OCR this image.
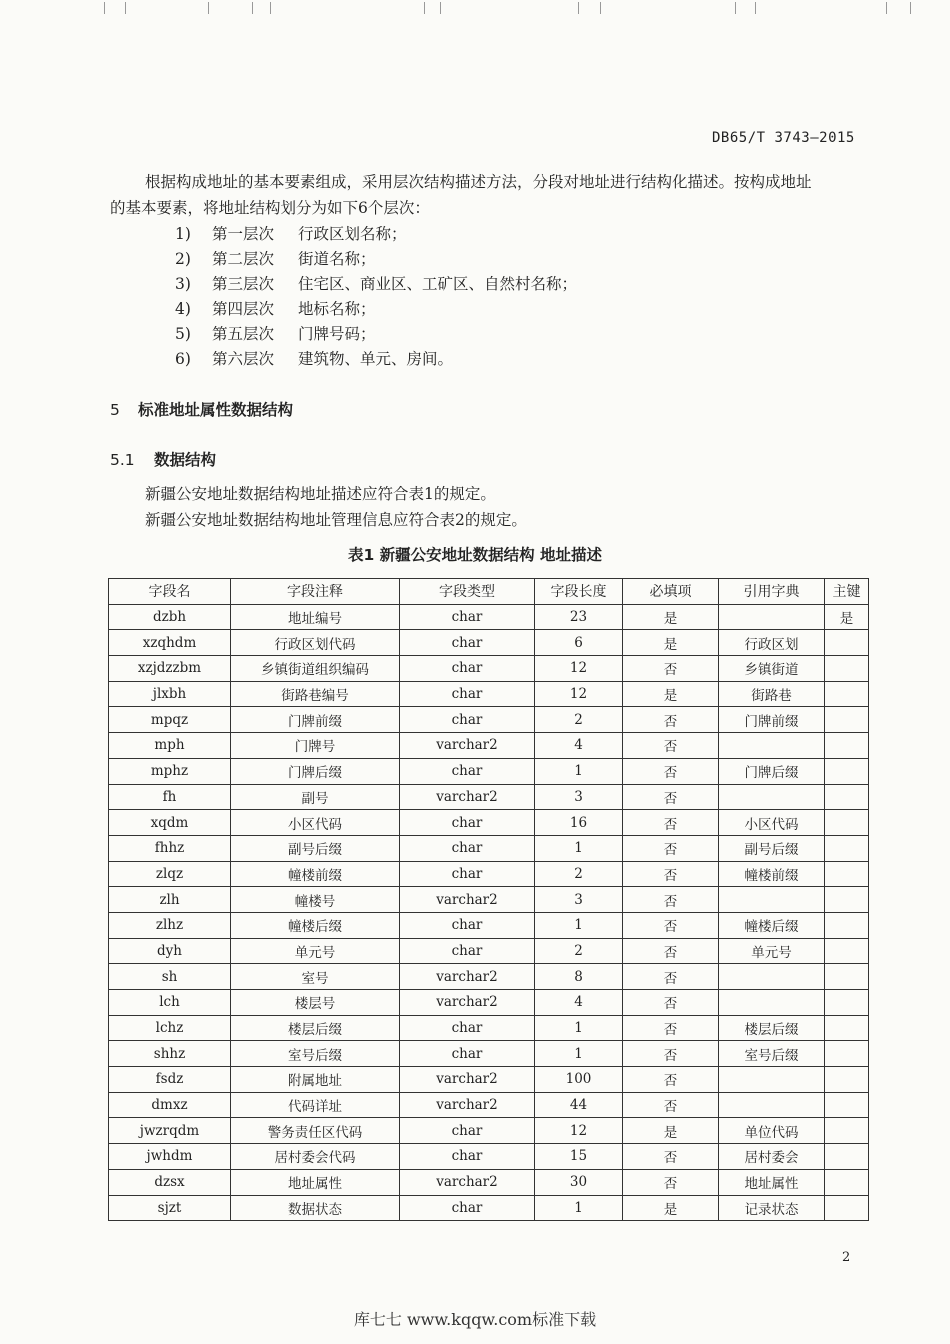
DB65/T 3743—2015
根据构成地址的基本要素组成，采用层次结构描述方法，分段对地址进行结构化描述。按构成地址
的基本要素，将地址结构划分为如下6个层次：
1)	第一层次	行政区划名称；
2)	第二层次	街道名称；
3)	第三层次	住宅区、商业区、工矿区、自然村名称；
4)	第四层次	地标名称；
5)	第五层次	门牌号码；
6)	第六层次	建筑物、单元、房间。
5 标准地址属性数据结构
5.1 数据结构
新疆公安地址数据结构地址描述应符合表1的规定。
新疆公安地址数据结构地址管理信息应符合表2的规定。
表1 新疆公安地址数据结构 地址描述
字段名	字段注释	字段类型	字段长度	必填项	引用字典	主键
dzbh	地址编号	char	23	是		是
xzqhdm	行政区划代码	char	6	是	行政区划	
xzjdzzbm	乡镇街道组织编码	char	12	否	乡镇街道	
jlxbh	街路巷编号	char	12	是	街路巷	
mpqz	门牌前缀	char	2	否	门牌前缀	
mph	门牌号	varchar2	4	否		
mphz	门牌后缀	char	1	否	门牌后缀	
fh	副号	varchar2	3	否		
xqdm	小区代码	char	16	否	小区代码	
fhhz	副号后缀	char	1	否	副号后缀	
zlqz	幢楼前缀	char	2	否	幢楼前缀	
zlh	幢楼号	varchar2	3	否		
zlhz	幢楼后缀	char	1	否	幢楼后缀	
dyh	单元号	char	2	否	单元号	
sh	室号	varchar2	8	否		
lch	楼层号	varchar2	4	否		
lchz	楼层后缀	char	1	否	楼层后缀	
shhz	室号后缀	char	1	否	室号后缀	
fsdz	附属地址	varchar2	100	否		
dmxz	代码详址	varchar2	44	否		
jwzrqdm	警务责任区代码	char	12	是	单位代码	
jwhdm	居村委会代码	char	15	否	居村委会	
dzsx	地址属性	varchar2	30	否	地址属性	
sjzt	数据状态	char	1	是	记录状态	
2
库七七 www.kqqw.com标准下载
